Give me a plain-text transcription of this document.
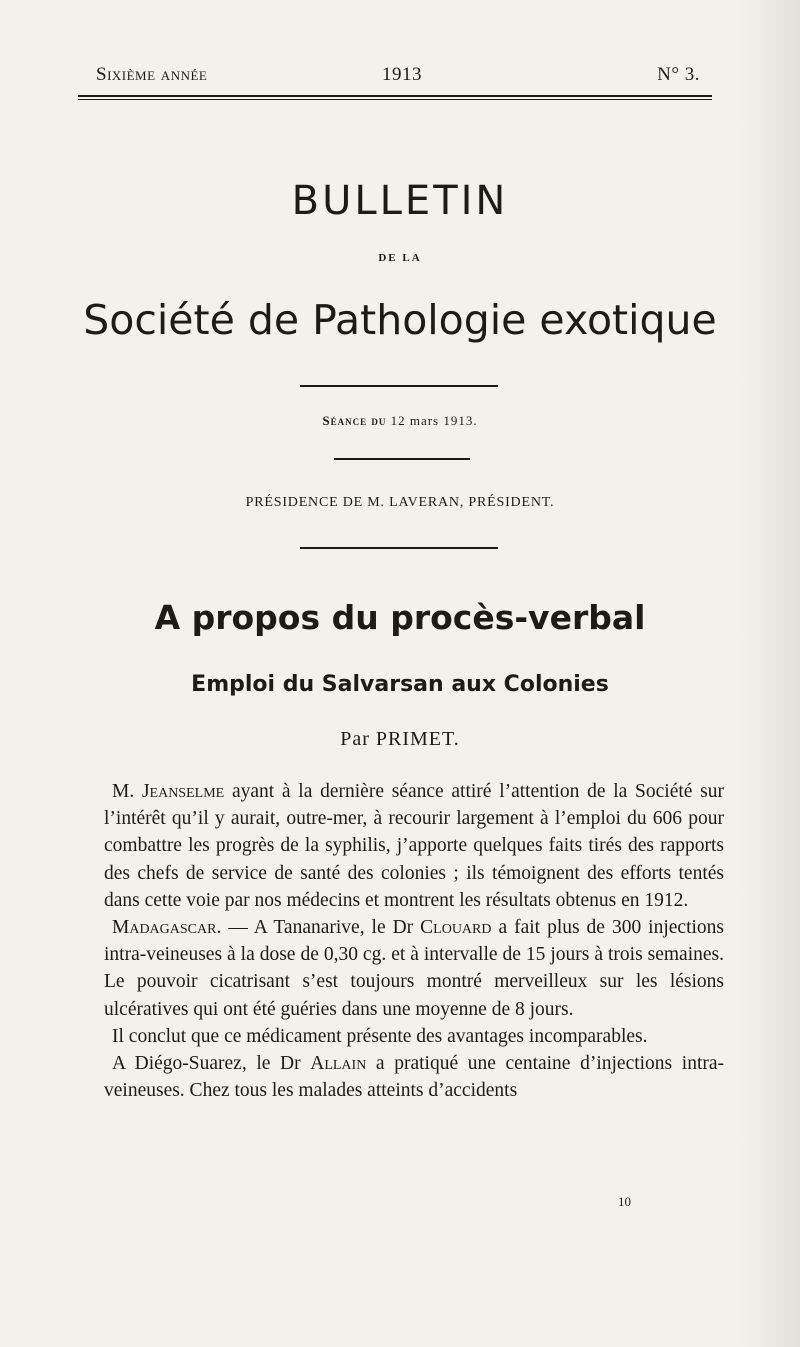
Sixième année	1913	N° 3.
BULLETIN
DE LA
Société de Pathologie exotique
Séance du 12 mars 1913.
PRÉSIDENCE DE M. LAVERAN, PRÉSIDENT.
A propos du procès-verbal
Emploi du Salvarsan aux Colonies
Par PRIMET.

M. Jeanselme ayant à la dernière séance attiré l’attention de la Société sur l’intérêt qu’il y aurait, outre-mer, à recourir largement à l’emploi du 606 pour combattre les progrès de la syphilis, j’apporte quelques faits tirés des rapports des chefs de service de santé des colonies ; ils témoignent des efforts tentés dans cette voie par nos médecins et montrent les résultats obtenus en 1912.

Madagascar. — A Tananarive, le Dr Clouard a fait plus de 300 injections intra-veineuses à la dose de 0,30 cg. et à intervalle de 15 jours à trois semaines. Le pouvoir cicatrisant s’est toujours montré merveilleux sur les lésions ulcératives qui ont été guéries dans une moyenne de 8 jours.

Il conclut que ce médicament présente des avantages incomparables.

A Diégo-Suarez, le Dr Allain a pratiqué une centaine d’injections intra-veineuses. Chez tous les malades atteints d’accidents

10
